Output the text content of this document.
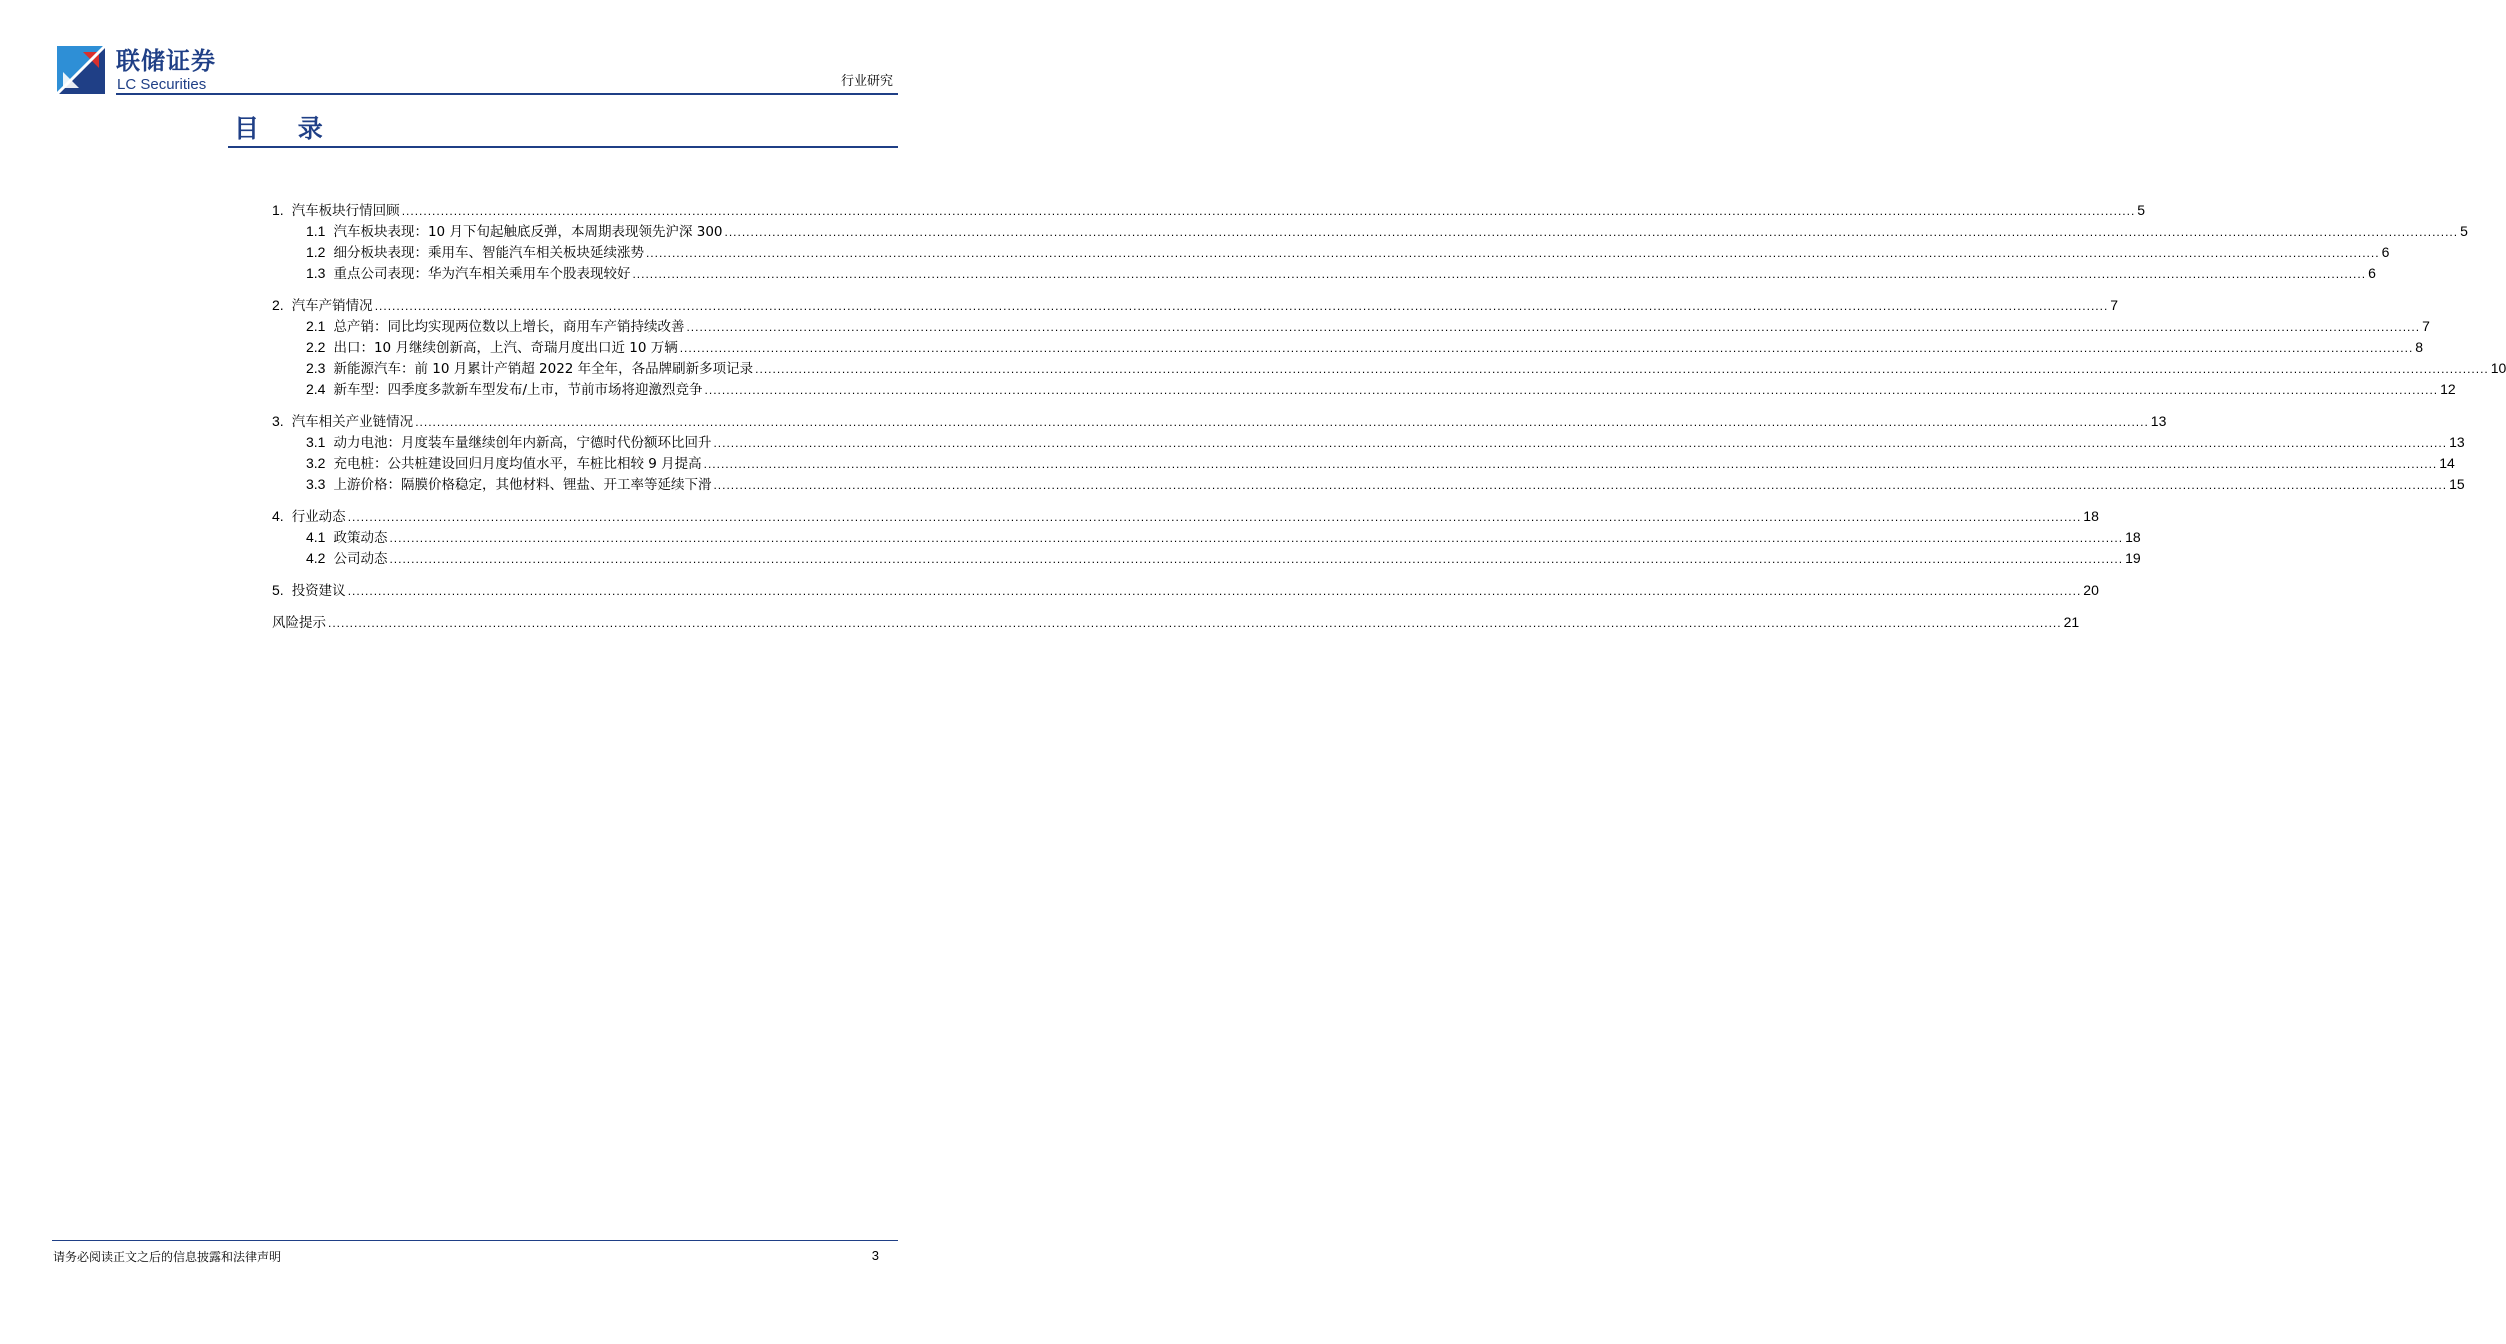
联储证券
LC Securities	行业研究
目 录
1. 汽车板块行情回顾 ................................................................................................................................................................................................................................................................................................................................................................................................................ 5
1.1 汽车板块表现：10 月下旬起触底反弹，本周期表现领先沪深 300 ................................................................................................................................................................................................................................................................................................................................................................................................................ 5
1.2 细分板块表现：乘用车、智能汽车相关板块延续涨势 ................................................................................................................................................................................................................................................................................................................................................................................................................ 6
1.3 重点公司表现：华为汽车相关乘用车个股表现较好 ................................................................................................................................................................................................................................................................................................................................................................................................................ 6
2. 汽车产销情况 ................................................................................................................................................................................................................................................................................................................................................................................................................ 7
2.1 总产销：同比均实现两位数以上增长，商用车产销持续改善 ................................................................................................................................................................................................................................................................................................................................................................................................................ 7
2.2 出口：10 月继续创新高，上汽、奇瑞月度出口近 10 万辆 ................................................................................................................................................................................................................................................................................................................................................................................................................ 8
2.3 新能源汽车：前 10 月累计产销超 2022 年全年，各品牌刷新多项记录 ................................................................................................................................................................................................................................................................................................................................................................................................................ 10
2.4 新车型：四季度多款新车型发布/上市，节前市场将迎激烈竞争 ................................................................................................................................................................................................................................................................................................................................................................................................................ 12
3. 汽车相关产业链情况 ................................................................................................................................................................................................................................................................................................................................................................................................................ 13
3.1 动力电池：月度装车量继续创年内新高，宁德时代份额环比回升 ................................................................................................................................................................................................................................................................................................................................................................................................................ 13
3.2 充电桩：公共桩建设回归月度均值水平，车桩比相较 9 月提高 ................................................................................................................................................................................................................................................................................................................................................................................................................ 14
3.3 上游价格：隔膜价格稳定，其他材料、锂盐、开工率等延续下滑 ................................................................................................................................................................................................................................................................................................................................................................................................................ 15
4. 行业动态 ................................................................................................................................................................................................................................................................................................................................................................................................................ 18
4.1 政策动态 ................................................................................................................................................................................................................................................................................................................................................................................................................ 18
4.2 公司动态 ................................................................................................................................................................................................................................................................................................................................................................................................................ 19
5. 投资建议 ................................................................................................................................................................................................................................................................................................................................................................................................................ 20
风险提示 ................................................................................................................................................................................................................................................................................................................................................................................................................ 21
请务必阅读正文之后的信息披露和法律声明	3
